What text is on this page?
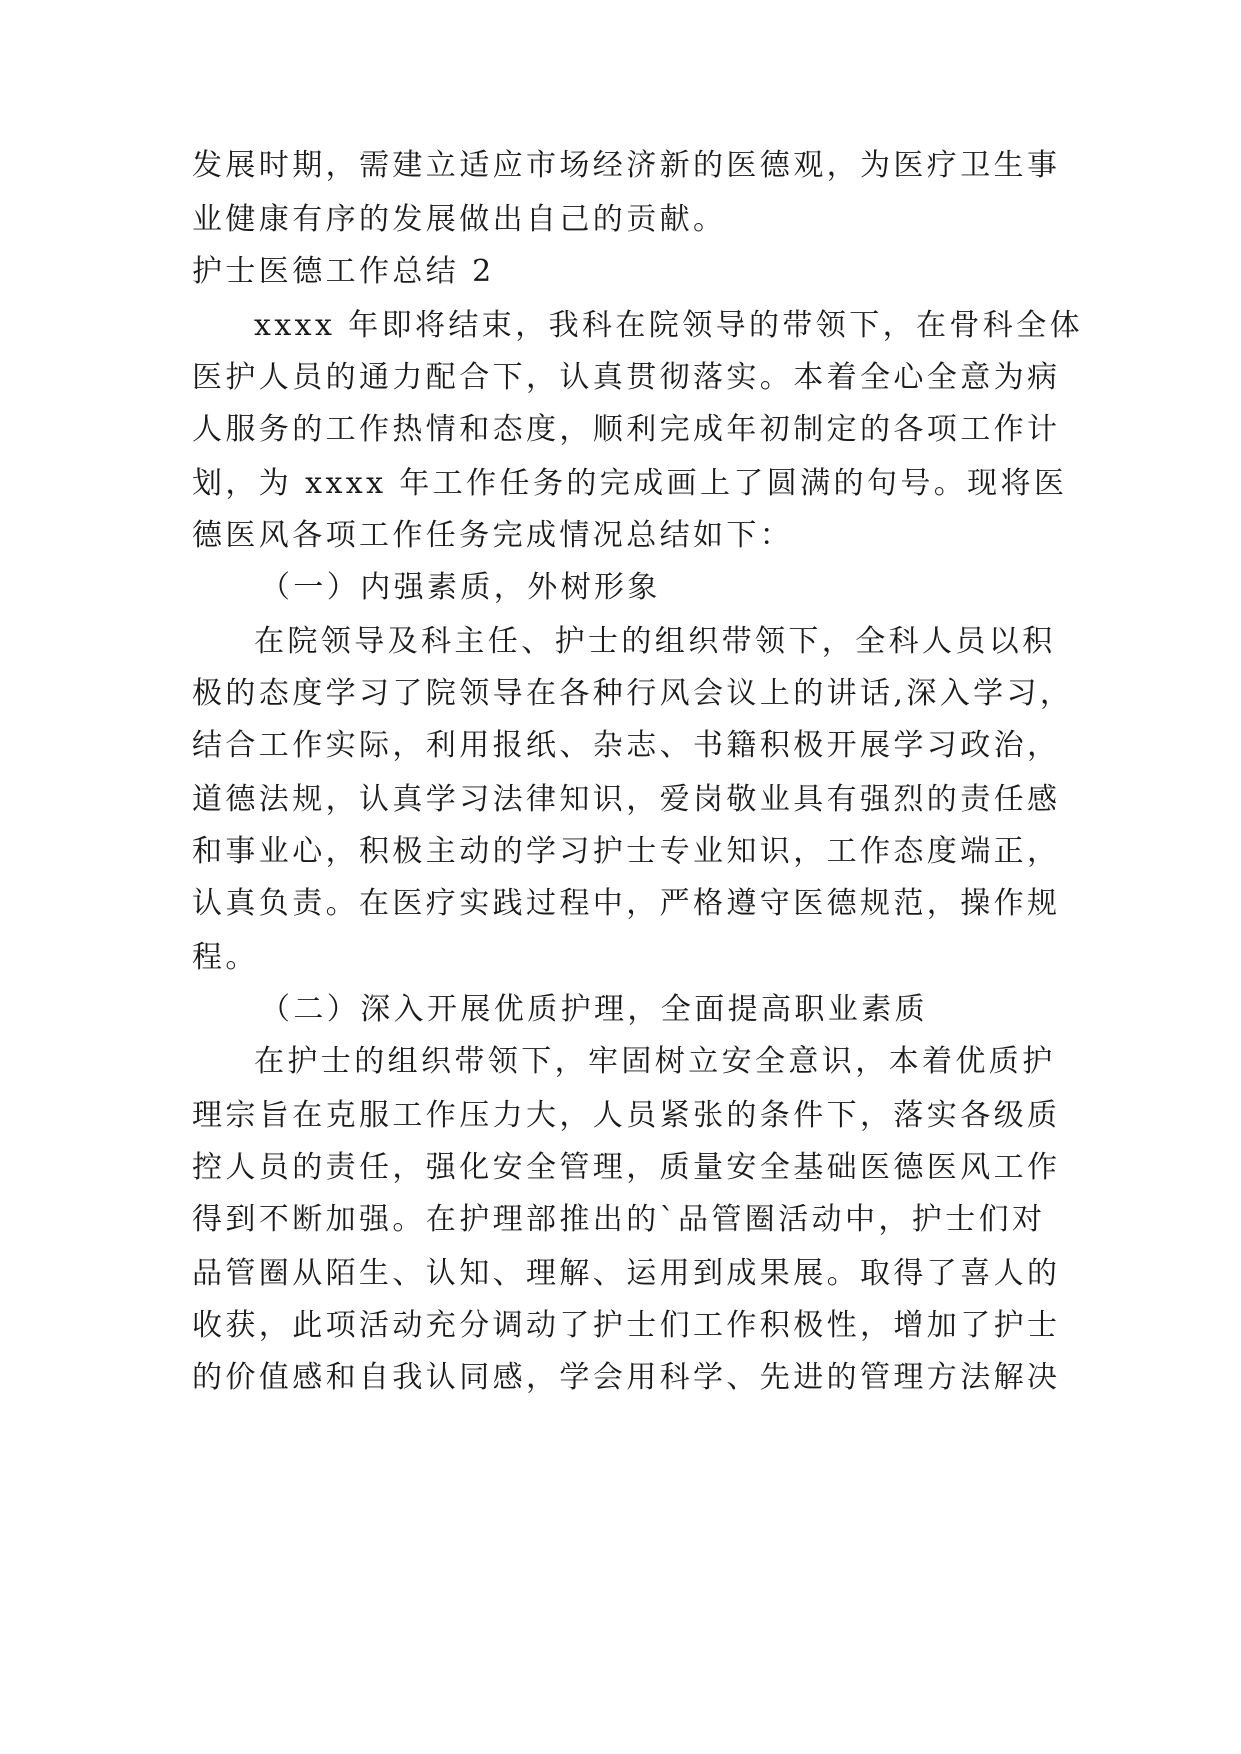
发展时期，需建立适应市场经济新的医德观，为医疗卫生事
业健康有序的发展做出自己的贡献。
护士医德工作总结 2
xxxx 年即将结束，我科在院领导的带领下，在骨科全体
医护人员的通力配合下，认真贯彻落实。本着全心全意为病
人服务的工作热情和态度，顺利完成年初制定的各项工作计
划，为 xxxx 年工作任务的完成画上了圆满的句号。现将医
德医风各项工作任务完成情况总结如下：
（一）内强素质，外树形象
在院领导及科主任、护士的组织带领下，全科人员以积
极的态度学习了院领导在各种行风会议上的讲话,深入学习，
结合工作实际，利用报纸、杂志、书籍积极开展学习政治，
道德法规，认真学习法律知识，爱岗敬业具有强烈的责任感
和事业心，积极主动的学习护士专业知识，工作态度端正，
认真负责。在医疗实践过程中，严格遵守医德规范，操作规
程。
（二）深入开展优质护理，全面提高职业素质
在护士的组织带领下，牢固树立安全意识，本着优质护
理宗旨在克服工作压力大，人员紧张的条件下，落实各级质
控人员的责任，强化安全管理，质量安全基础医德医风工作
得到不断加强。在护理部推出的`品管圈活动中，护士们对
品管圈从陌生、认知、理解、运用到成果展。取得了喜人的
收获，此项活动充分调动了护士们工作积极性，增加了护士
的价值感和自我认同感，学会用科学、先进的管理方法解决
